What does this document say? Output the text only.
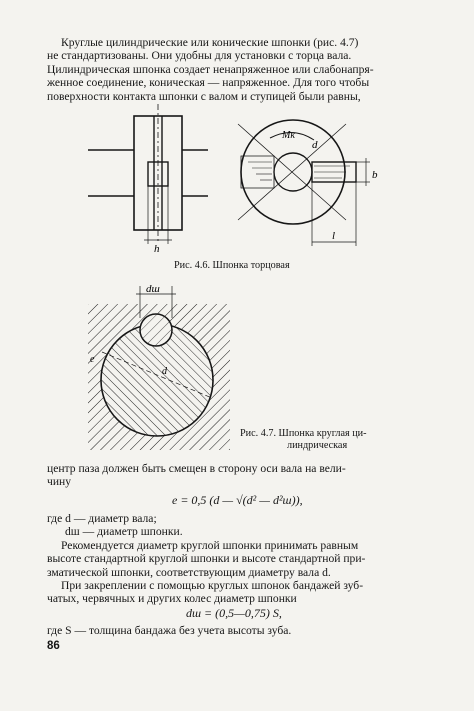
Круглые цилиндрические или конические шпонки (рис. 4.7)
не стандартизованы. Они удобны для установки с торца вала.
Цилиндрическая шпонка создает ненапряженное или слабонапря-
женное соединение, коническая — напряженное. Для того чтобы
поверхности контакта шпонки с валом и ступицей были равны,
h
Mк
d
b
l
Рис. 4.6. Шпонка торцовая
dш
e
d
Рис. 4.7. Шпонка круглая ци-
линдрическая
центр паза должен быть смещен в сторону оси вала на вели-
чину
e = 0,5 (d — √(d² — d²ш)),
где d — диаметр вала;
dш — диаметр шпонки.
Рекомендуется диаметр круглой шпонки принимать равным
высоте стандартной круглой шпонки и высоте стандартной при-
зматической шпонки, соответствующим диаметру вала d.
При закреплении с помощью круглых шпонок бандажей зуб-
чатых, червячных и других колес диаметр шпонки
dш = (0,5—0,75) S,
где S — толщина бандажа без учета высоты зуба.
86
